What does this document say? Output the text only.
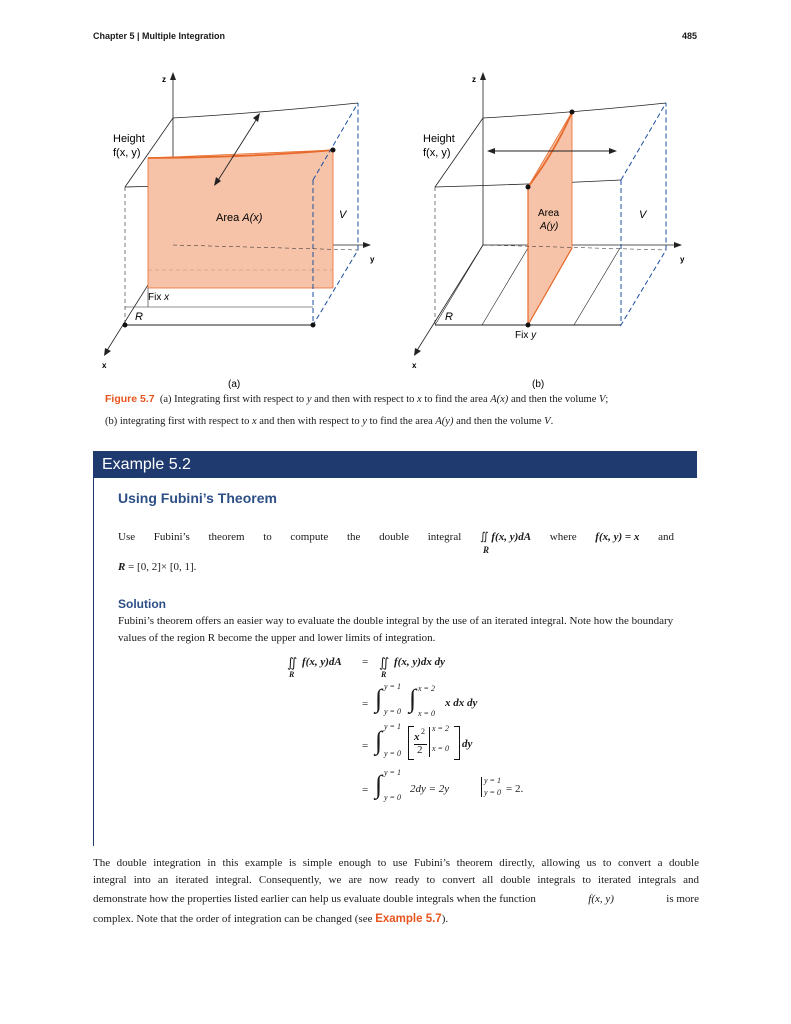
Chapter 5 | Multiple Integration	485
z
y
x
Height
f(x, y)
Area A(x)	V
Fix x
R
(a)
z
y
x
Height
f(x, y)
Area
A(y)
V
Fix y
R
(b)
Figure 5.7 (a) Integrating first with respect to y and then with respect to x to find the area A(x) and then the volume V;
(b) integrating first with respect to x and then with respect to y to find the area A(y) and then the volume V.
Example 5.2
Using Fubini’s Theorem
Use Fubini’s theorem to compute the double integral ∬
R
f(x, y)dA where f(x, y) = x and
R = [0, 2]× [0, 1].
Solution
Fubini’s theorem offers an easier way to evaluate the double integral by the use of an iterated integral. Note how the boundary values of the region R become the upper and lower limits of integration.
∬
R
f(x, y)dA = ∬
R
f(x, y)dx dy
= ∫ y = 1
y = 0 ∫ x = 2
x = 0
x dx dy
= ∫ y = 1
y = 0
x 2
2
x = 2
x = 0 dy
= ∫ y = 1
y = 0
2dy = 2y
y = 1
y = 0 = 2.
The double integration in this example is simple enough to use Fubini’s theorem directly, allowing us to convert a double
integral into an iterated integral. Consequently, we are now ready to convert all double integrals to iterated integrals and
demonstrate how the properties listed earlier can help us evaluate double integrals when the function	f(x, y)	is more
complex. Note that the order of integration can be changed (see Example 5.7).
